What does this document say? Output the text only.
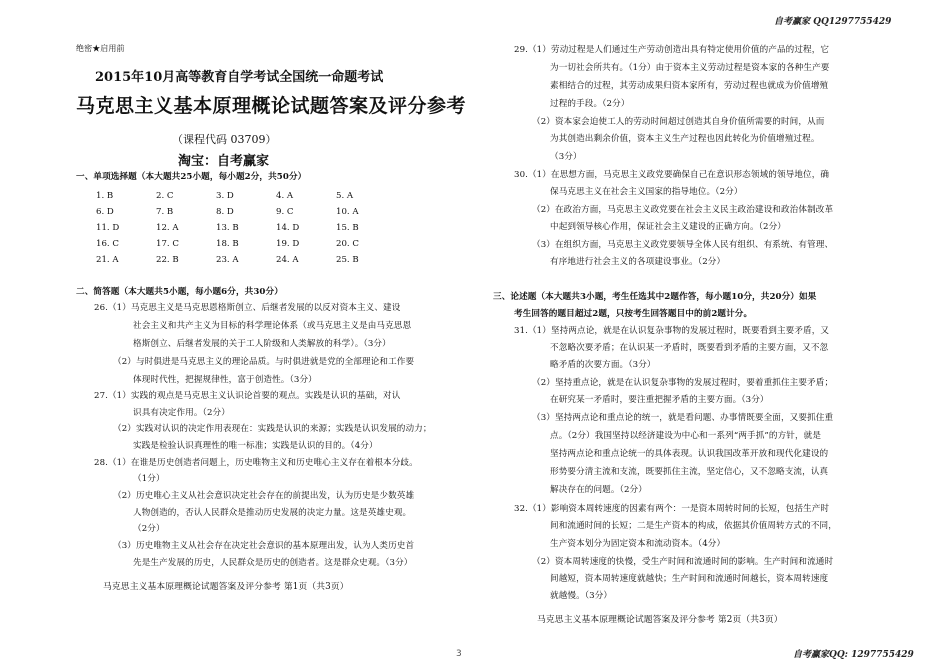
自考赢家 QQ1297755429
绝密★启用前
2015年10月高等教育自学考试全国统一命题考试
马克思主义基本原理概论试题答案及评分参考
（课程代码 03709）
淘宝：自考赢家
一、单项选择题（本大题共25小题，每小题2分，共50分）
1. B	2. C	3. D	4. A	5. A
6. D	7. B	8. D	9. C	10. A
11. D	12. A	13. B	14. D	15. B
16. C	17. C	18. B	19. D	20. C
21. A	22. B	23. A	24. A	25. B
二、简答题（本大题共5小题，每小题6分，共30分）
26.（1）马克思主义是马克思恩格斯创立、后继者发展的以反对资本主义、建设
社会主义和共产主义为目标的科学理论体系（或马克思主义是由马克思恩
格斯创立、后继者发展的关于工人阶级和人类解放的科学）。（3分）
（2）与时俱进是马克思主义的理论品质。与时俱进就是党的全部理论和工作要
体现时代性，把握规律性，富于创造性。（3分）
27.（1）实践的观点是马克思主义认识论首要的观点。实践是认识的基础，对认
识具有决定作用。（2分）
（2）实践对认识的决定作用表现在：实践是认识的来源；实践是认识发展的动力；
实践是检验认识真理性的唯一标准；实践是认识的目的。（4分）
28.（1）在谁是历史创造者问题上，历史唯物主义和历史唯心主义存在着根本分歧。
（1分）
（2）历史唯心主义从社会意识决定社会存在的前提出发，认为历史是少数英雄
人物创造的，否认人民群众是推动历史发展的决定力量。这是英雄史观。
（2分）
（3）历史唯物主义从社会存在决定社会意识的基本原理出发，认为人类历史首
先是生产发展的历史，人民群众是历史的创造者。这是群众史观。（3分）
马克思主义基本原理概论试题答案及评分参考 第1页（共3页）
29.（1）劳动过程是人们通过生产劳动创造出具有特定使用价值的产品的过程，它
为一切社会所共有。（1分）由于资本主义劳动过程是资本家的各种生产要
素相结合的过程，其劳动成果归资本家所有，劳动过程也就成为价值增殖
过程的手段。（2分）
（2）资本家会迫使工人的劳动时间超过创造其自身价值所需要的时间，从而
为其创造出剩余价值，资本主义生产过程也因此转化为价值增殖过程。
（3分）
30.（1）在思想方面，马克思主义政党要确保自己在意识形态领域的领导地位，确
保马克思主义在社会主义国家的指导地位。（2分）
（2）在政治方面，马克思主义政党要在社会主义民主政治建设和政治体制改革
中起到领导核心作用，保证社会主义建设的正确方向。（2分）
（3）在组织方面，马克思主义政党要领导全体人民有组织、有系统、有管理、
有序地进行社会主义的各项建设事业。（2分）
三、论述题（本大题共3小题，考生任选其中2题作答，每小题10分，共20分）如果
考生回答的题目超过2题，只按考生回答题目中的前2题计分。
31.（1）坚持两点论，就是在认识复杂事物的发展过程时，既要看到主要矛盾，又
不忽略次要矛盾；在认识某一矛盾时，既要看到矛盾的主要方面，又不忽
略矛盾的次要方面。（3分）
（2）坚持重点论，就是在认识复杂事物的发展过程时，要着重抓住主要矛盾；
在研究某一矛盾时，要注重把握矛盾的主要方面。（3分）
（3）坚持两点论和重点论的统一，就是看问题、办事情既要全面，又要抓住重
点。（2分）我国坚持以经济建设为中心和一系列“两手抓”的方针，就是
坚持两点论和重点论统一的具体表现。认识我国改革开放和现代化建设的
形势要分清主流和支流，既要抓住主流，坚定信心，又不忽略支流，认真
解决存在的问题。（2分）
32.（1）影响资本周转速度的因素有两个：一是资本周转时间的长短，包括生产时
间和流通时间的长短；二是生产资本的构成，依据其价值周转方式的不同，
生产资本划分为固定资本和流动资本。（4分）
（2）资本周转速度的快慢，受生产时间和流通时间的影响。生产时间和流通时
间越短，资本周转速度就越快；生产时间和流通时间越长，资本周转速度
就越慢。（3分）
马克思主义基本原理概论试题答案及评分参考 第2页（共3页）
3	自考赢家QQ: 1297755429
